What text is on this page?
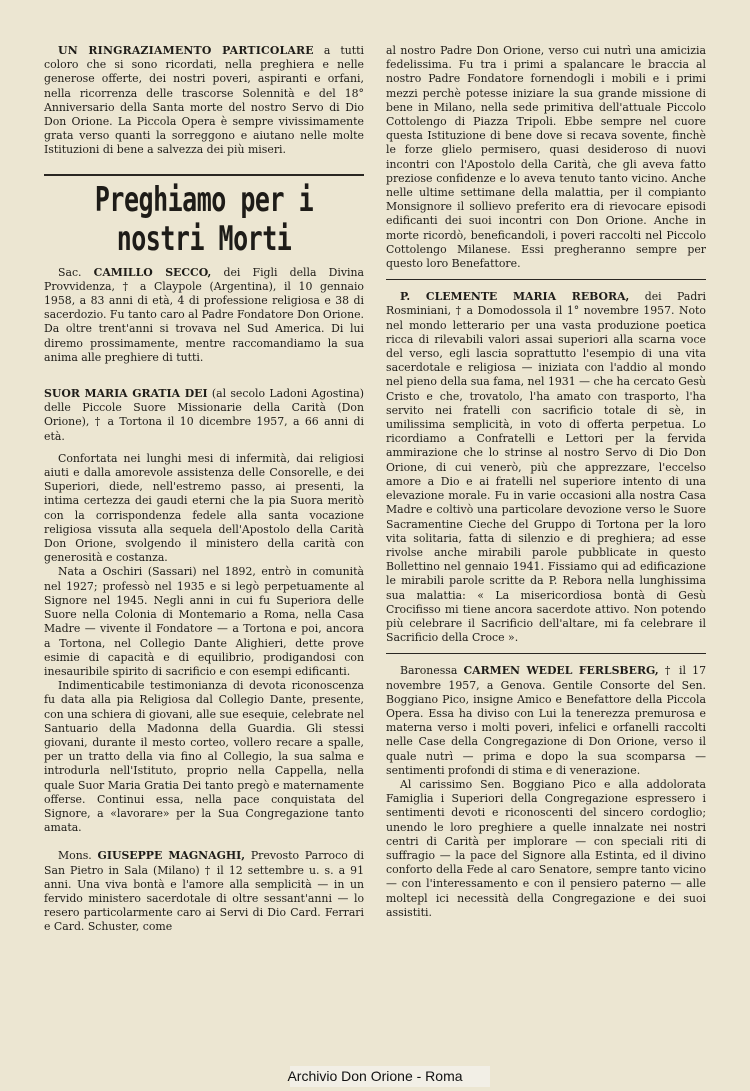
UN RINGRAZIAMENTO PARTICOLARE a tutti coloro che si sono ricordati, nella preghiera e nelle generose offerte, dei nostri poveri, aspiranti e orfani, nella ricorrenza delle trascorse Solennità e del 18° Anniversario della Santa morte del nostro Servo di Dio Don Orione. La Piccola Opera è sempre vivissimamente grata verso quanti la sorreggono e aiutano nelle molte Istituzioni di bene a salvezza dei più miseri.

Preghiamo per i nostri Morti

Sac. CAMILLO SECCO, dei Figli della Divina Provvidenza, † a Claypole (Argentina), il 10 gennaio 1958, a 83 anni di età, 4 di professione religiosa e 38 di sacerdozio. Fu tanto caro al Padre Fondatore Don Orione. Da oltre trent'anni si trovava nel Sud America. Di lui diremo prossimamente, mentre raccomandiamo la sua anima alle preghiere di tutti.

SUOR MARIA GRATIA DEI (al secolo Ladoni Agostina) delle Piccole Suore Missionarie della Carità (Don Orione), † a Tortona il 10 dicembre 1957, a 66 anni di età.

Confortata nei lunghi mesi di infermità, dai religiosi aiuti e dalla amorevole assistenza delle Consorelle, e dei Superiori, diede, nell'estremo passo, ai presenti, la intima certezza dei gaudi eterni che la pia Suora meritò con la corrispondenza fedele alla santa vocazione religiosa vissuta alla sequela dell'Apostolo della Carità Don Orione, svolgendo il ministero della carità con generosità e costanza.

Nata a Oschiri (Sassari) nel 1892, entrò in comunità nel 1927; professò nel 1935 e si legò perpetuamente al Signore nel 1945. Negli anni in cui fu Superiora delle Suore nella Colonia di Montemario a Roma, nella Casa Madre — vivente il Fondatore — a Tortona e poi, ancora a Tortona, nel Collegio Dante Alighieri, dette prove esimie di capacità e di equilibrio, prodigandosi con inesauribile spirito di sacrificio e con esempi edificanti.

Indimenticabile testimonianza di devota riconoscenza fu data alla pia Religiosa dal Collegio Dante, presente, con una schiera di giovani, alle sue esequie, celebrate nel Santuario della Madonna della Guardia. Gli stessi giovani, durante il mesto corteo, vollero recare a spalle, per un tratto della via fino al Collegio, la sua salma e introdurla nell'Istituto, proprio nella Cappella, nella quale Suor Maria Gratia Dei tanto pregò e maternamente offerse. Continui essa, nella pace conquistata del Signore, a «lavorare» per la Sua Congregazione tanto amata.

Mons. GIUSEPPE MAGNAGHI, Prevosto Parroco di San Pietro in Sala (Milano) † il 12 settembre u. s. a 91 anni. Una viva bontà e l'amore alla semplicità — in un fervido ministero sacerdotale di oltre sessant'anni — lo resero particolarmente caro ai Servi di Dio Card. Ferrari e Card. Schuster, come

al nostro Padre Don Orione, verso cui nutrì una amicizia fedelissima. Fu tra i primi a spalancare le braccia al nostro Padre Fondatore fornendogli i mobili e i primi mezzi perchè potesse iniziare la sua grande missione di bene in Milano, nella sede primitiva dell'attuale Piccolo Cottolengo di Piazza Tripoli. Ebbe sempre nel cuore questa Istituzione di bene dove si recava sovente, finchè le forze glielo permisero, quasi desideroso di nuovi incontri con l'Apostolo della Carità, che gli aveva fatto preziose confidenze e lo aveva tenuto tanto vicino. Anche nelle ultime settimane della malattia, per il compianto Monsignore il sollievo preferito era di rievocare episodi edificanti dei suoi incontri con Don Orione. Anche in morte ricordò, beneficandoli, i poveri raccolti nel Piccolo Cottolengo Milanese. Essi pregheranno sempre per questo loro Benefattore.

P. CLEMENTE MARIA REBORA, dei Padri Rosminiani, † a Domodossola il 1° novembre 1957. Noto nel mondo letterario per una vasta produzione poetica ricca di rilevabili valori assai superiori alla scarna voce del verso, egli lascia soprattutto l'esempio di una vita sacerdotale e religiosa — iniziata con l'addio al mondo nel pieno della sua fama, nel 1931 — che ha cercato Gesù Cristo e che, trovatolo, l'ha amato con trasporto, l'ha servito nei fratelli con sacrificio totale di sè, in umilissima semplicità, in voto di offerta perpetua. Lo ricordiamo a Confratelli e Lettori per la fervida ammirazione che lo strinse al nostro Servo di Dio Don Orione, di cui venerò, più che apprezzare, l'eccelso amore a Dio e ai fratelli nel superiore intento di una elevazione morale. Fu in varie occasioni alla nostra Casa Madre e coltivò una particolare devozione verso le Suore Sacramentine Cieche del Gruppo di Tortona per la loro vita solitaria, fatta di silenzio e di preghiera; ad esse rivolse anche mirabili parole pubblicate in questo Bollettino nel gennaio 1941. Fissiamo qui ad edificazione le mirabili parole scritte da P. Rebora nella lunghissima sua malattia: « La misericordiosa bontà di Gesù Crocifisso mi tiene ancora sacerdote attivo. Non potendo più celebrare il Sacrificio dell'altare, mi fa celebrare il Sacrificio della Croce ».

Baronessa CARMEN WEDEL FERLSBERG, † il 17 novembre 1957, a Genova. Gentile Consorte del Sen. Boggiano Pico, insigne Amico e Benefattore della Piccola Opera. Essa ha diviso con Lui la tenerezza premurosa e materna verso i molti poveri, infelici e orfanelli raccolti nelle Case della Congregazione di Don Orione, verso il quale nutrì — prima e dopo la sua scomparsa — sentimenti profondi di stima e di venerazione.

Al carissimo Sen. Boggiano Pico e alla addolorata Famiglia i Superiori della Congregazione espressero i sentimenti devoti e riconoscenti del sincero cordoglio; unendo le loro preghiere a quelle innalzate nei nostri centri di Carità per implorare — con speciali riti di suffragio — la pace del Signore alla Estinta, ed il divino conforto della Fede al caro Senatore, sempre tanto vicino — con l'interessamento e con il pensiero paterno — alle moltepl ici necessità della Congregazione e dei suoi assistiti.

Archivio Don Orione - Roma
